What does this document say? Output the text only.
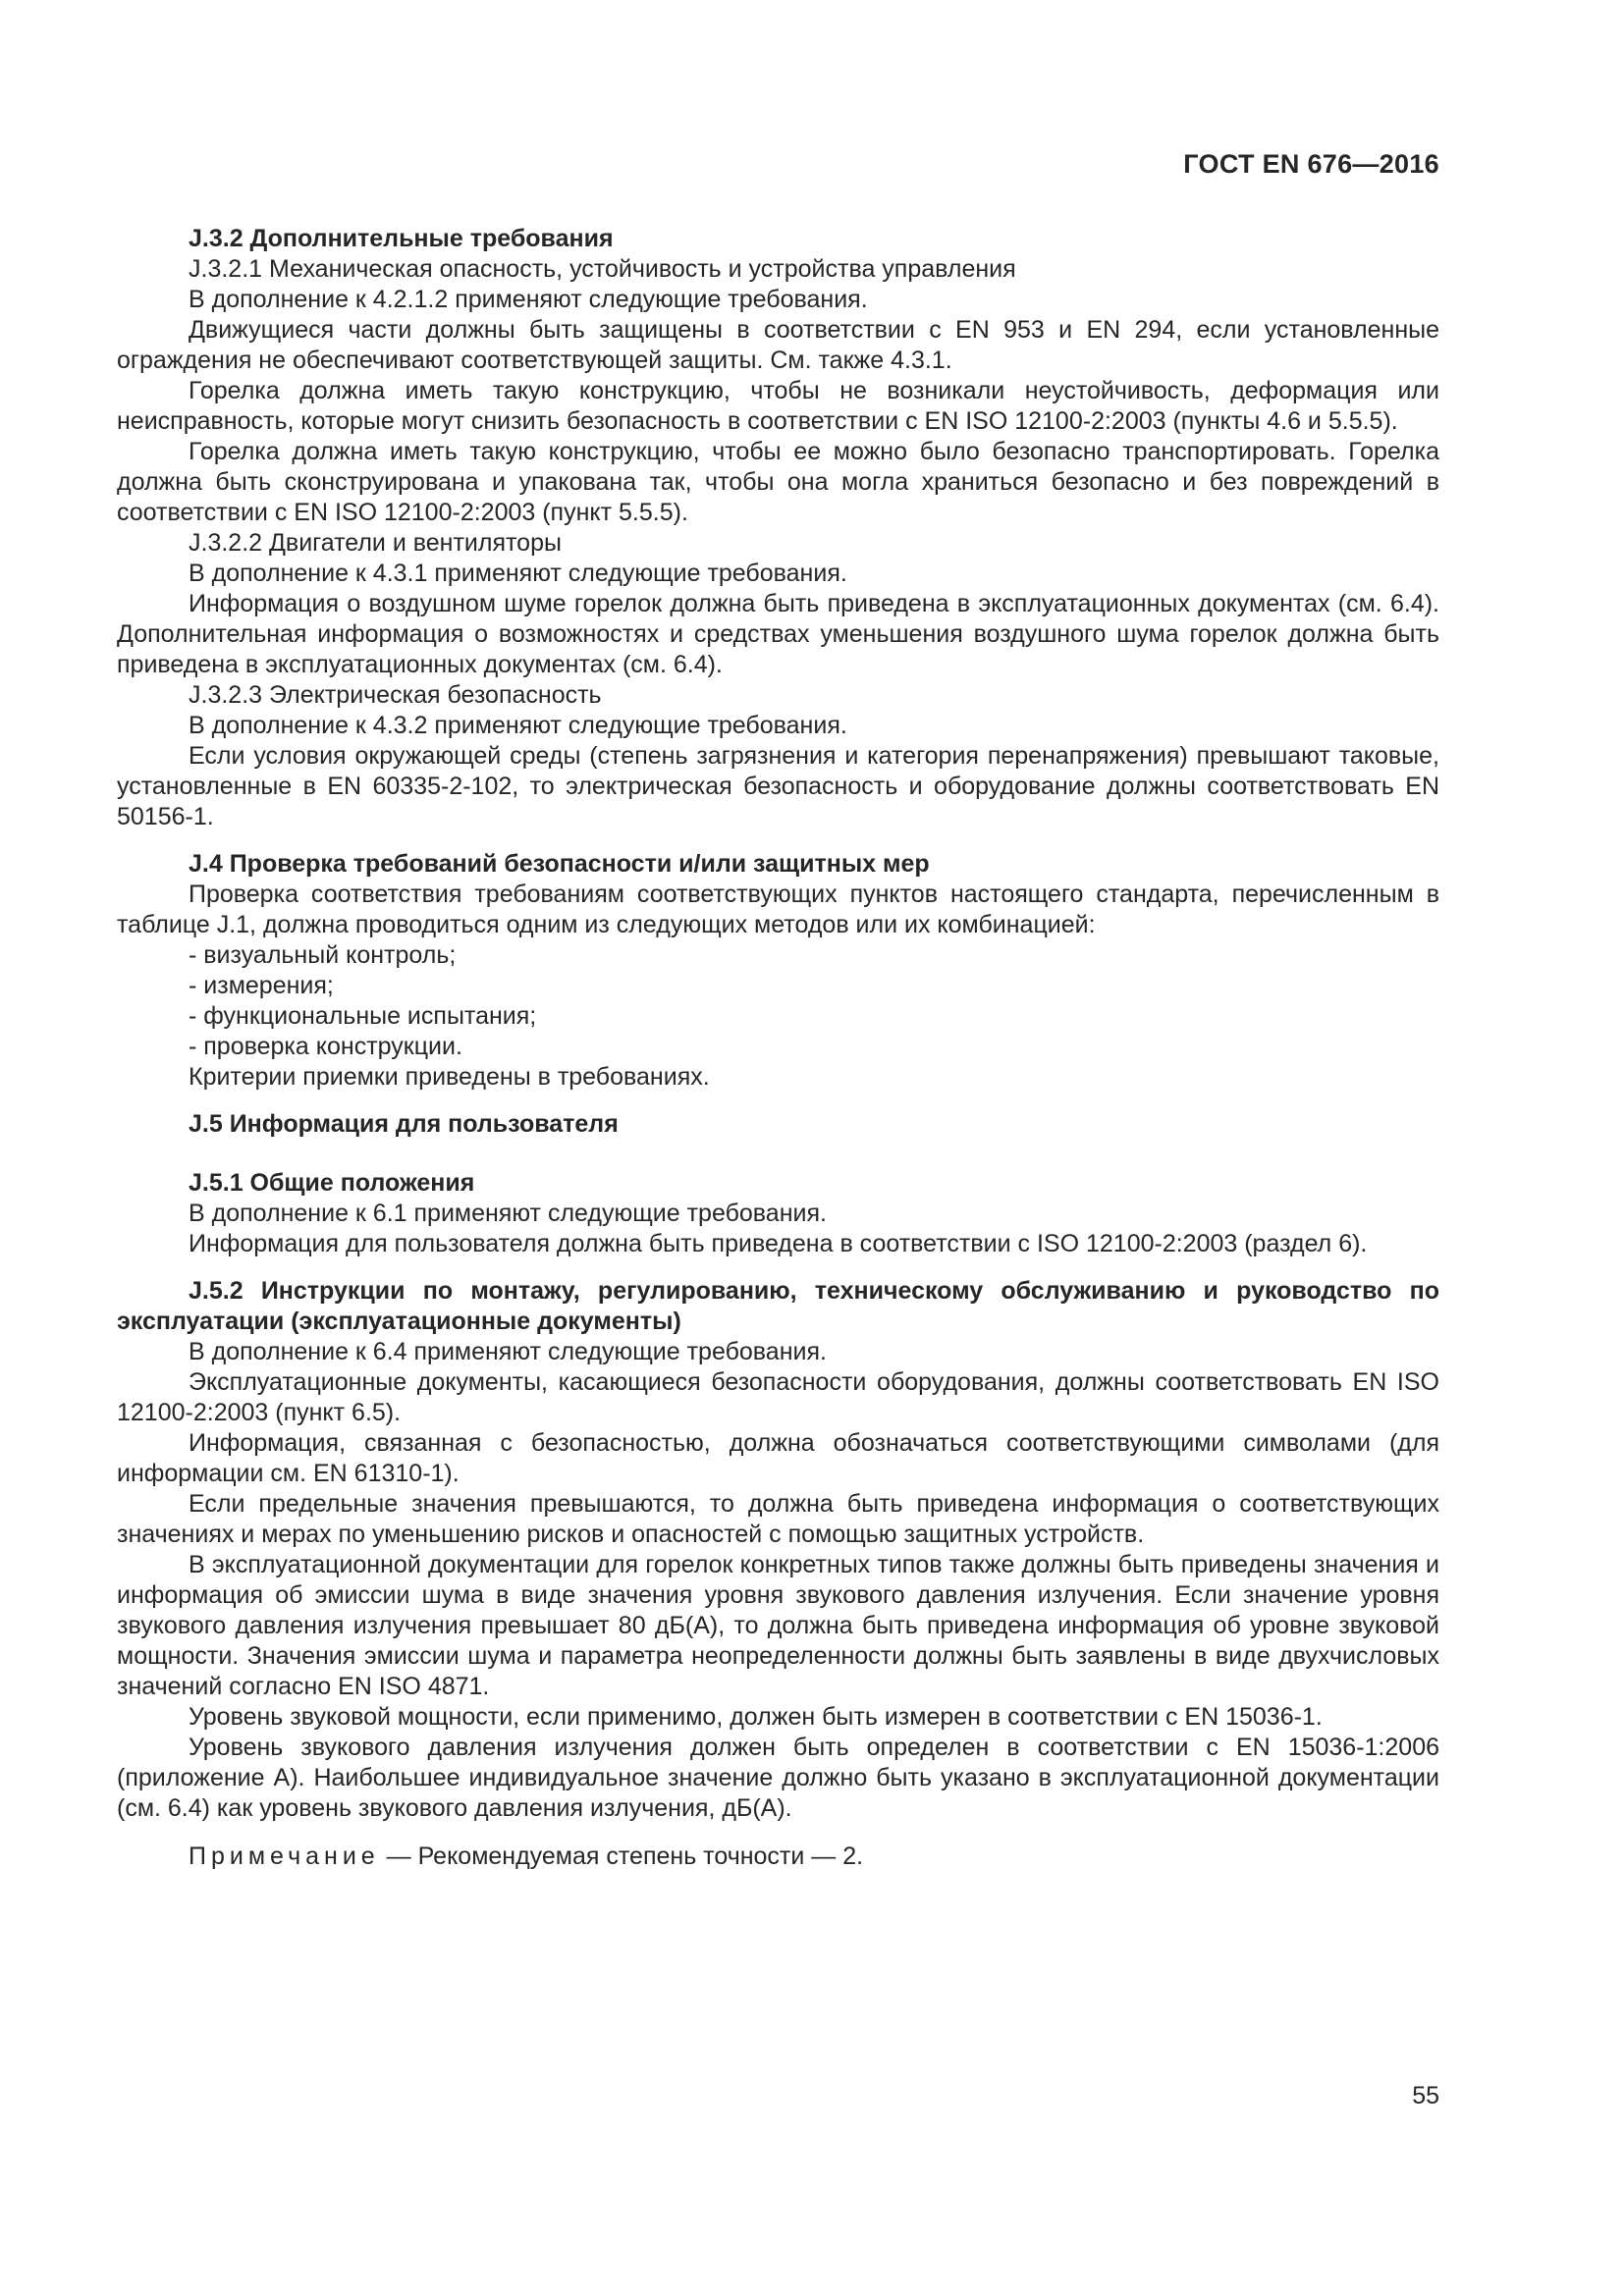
ГОСТ EN 676—2016

J.3.2 Дополнительные требования

J.3.2.1 Механическая опасность, устойчивость и устройства управления

В дополнение к 4.2.1.2 применяют следующие требования.

Движущиеся части должны быть защищены в соответствии с EN 953 и EN 294, если установленные ограждения не обеспечивают соответствующей защиты. См. также 4.3.1.

Горелка должна иметь такую конструкцию, чтобы не возникали неустойчивость, деформация или неисправность, которые могут снизить безопасность в соответствии с EN ISO 12100-2:2003 (пункты 4.6 и 5.5.5).

Горелка должна иметь такую конструкцию, чтобы ее можно было безопасно транспортировать. Горелка должна быть сконструирована и упакована так, чтобы она могла храниться безопасно и без повреждений в соответствии с EN ISO 12100-2:2003 (пункт 5.5.5).

J.3.2.2 Двигатели и вентиляторы

В дополнение к 4.3.1 применяют следующие требования.

Информация о воздушном шуме горелок должна быть приведена в эксплуатационных документах (см. 6.4). Дополнительная информация о возможностях и средствах уменьшения воздушного шума горелок должна быть приведена в эксплуатационных документах (см. 6.4).

J.3.2.3 Электрическая безопасность

В дополнение к 4.3.2 применяют следующие требования.

Если условия окружающей среды (степень загрязнения и категория перенапряжения) превышают таковые, установленные в EN 60335-2-102, то электрическая безопасность и оборудование должны соответствовать EN 50156-1.

J.4 Проверка требований безопасности и/или защитных мер

Проверка соответствия требованиям соответствующих пунктов настоящего стандарта, перечисленным в таблице J.1, должна проводиться одним из следующих методов или их комбинацией:

- визуальный контроль;

- измерения;

- функциональные испытания;

- проверка конструкции.

Критерии приемки приведены в требованиях.

J.5 Информация для пользователя

J.5.1 Общие положения

В дополнение к 6.1 применяют следующие требования.

Информация для пользователя должна быть приведена в соответствии с ISO 12100-2:2003 (раздел 6).

J.5.2 Инструкции по монтажу, регулированию, техническому обслуживанию и руководство по эксплуатации (эксплуатационные документы)

В дополнение к 6.4 применяют следующие требования.

Эксплуатационные документы, касающиеся безопасности оборудования, должны соответствовать EN ISO 12100-2:2003 (пункт 6.5).

Информация, связанная с безопасностью, должна обозначаться соответствующими символами (для информации см. EN 61310-1).

Если предельные значения превышаются, то должна быть приведена информация о соответствующих значениях и мерах по уменьшению рисков и опасностей с помощью защитных устройств.

В эксплуатационной документации для горелок конкретных типов также должны быть приведены значения и информация об эмиссии шума в виде значения уровня звукового давления излучения. Если значение уровня звукового давления излучения превышает 80 дБ(А), то должна быть приведена информация об уровне звуковой мощности. Значения эмиссии шума и параметра неопределенности должны быть заявлены в виде двухчисловых значений согласно EN ISO 4871.

Уровень звуковой мощности, если применимо, должен быть измерен в соответствии с EN 15036-1.

Уровень звукового давления излучения должен быть определен в соответствии с EN 15036-1:2006 (приложение А). Наибольшее индивидуальное значение должно быть указано в эксплуатационной документации (см. 6.4) как уровень звукового давления излучения, дБ(А).

Примечание — Рекомендуемая степень точности — 2.

55
